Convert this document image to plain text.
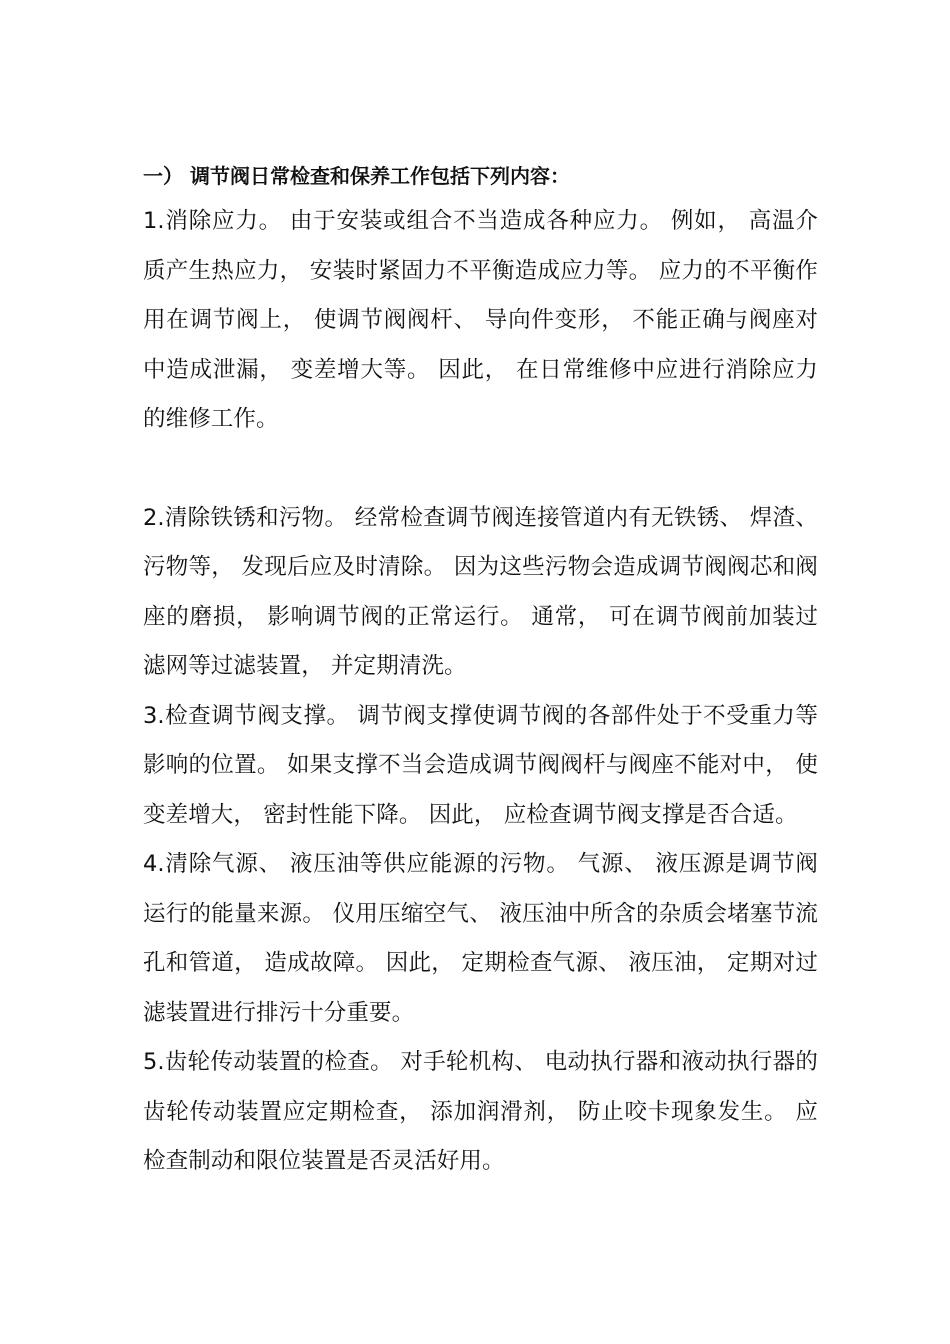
一） 调节阀日常检查和保养工作包括下列内容：

1.消除应力。 由于安装或组合不当造成各种应力。 例如， 高温介质产生热应力， 安装时紧固力不平衡造成应力等。 应力的不平衡作用在调节阀上， 使调节阀阀杆、 导向件变形， 不能正确与阀座对中造成泄漏， 变差增大等。 因此， 在日常维修中应进行消除应力的维修工作。

2.清除铁锈和污物。 经常检查调节阀连接管道内有无铁锈、 焊渣、 污物等， 发现后应及时清除。 因为这些污物会造成调节阀阀芯和阀座的磨损， 影响调节阀的正常运行。 通常， 可在调节阀前加装过滤网等过滤装置， 并定期清洗。

3.检查调节阀支撑。 调节阀支撑使调节阀的各部件处于不受重力等影响的位置。 如果支撑不当会造成调节阀阀杆与阀座不能对中， 使变差增大， 密封性能下降。 因此， 应检查调节阀支撑是否合适。

4.清除气源、 液压油等供应能源的污物。 气源、 液压源是调节阀运行的能量来源。 仪用压缩空气、 液压油中所含的杂质会堵塞节流孔和管道， 造成故障。 因此， 定期检查气源、 液压油， 定期对过滤装置进行排污十分重要。

5.齿轮传动装置的检查。 对手轮机构、 电动执行器和液动执行器的齿轮传动装置应定期检查， 添加润滑剂， 防止咬卡现象发生。 应检查制动和限位装置是否灵活好用。
